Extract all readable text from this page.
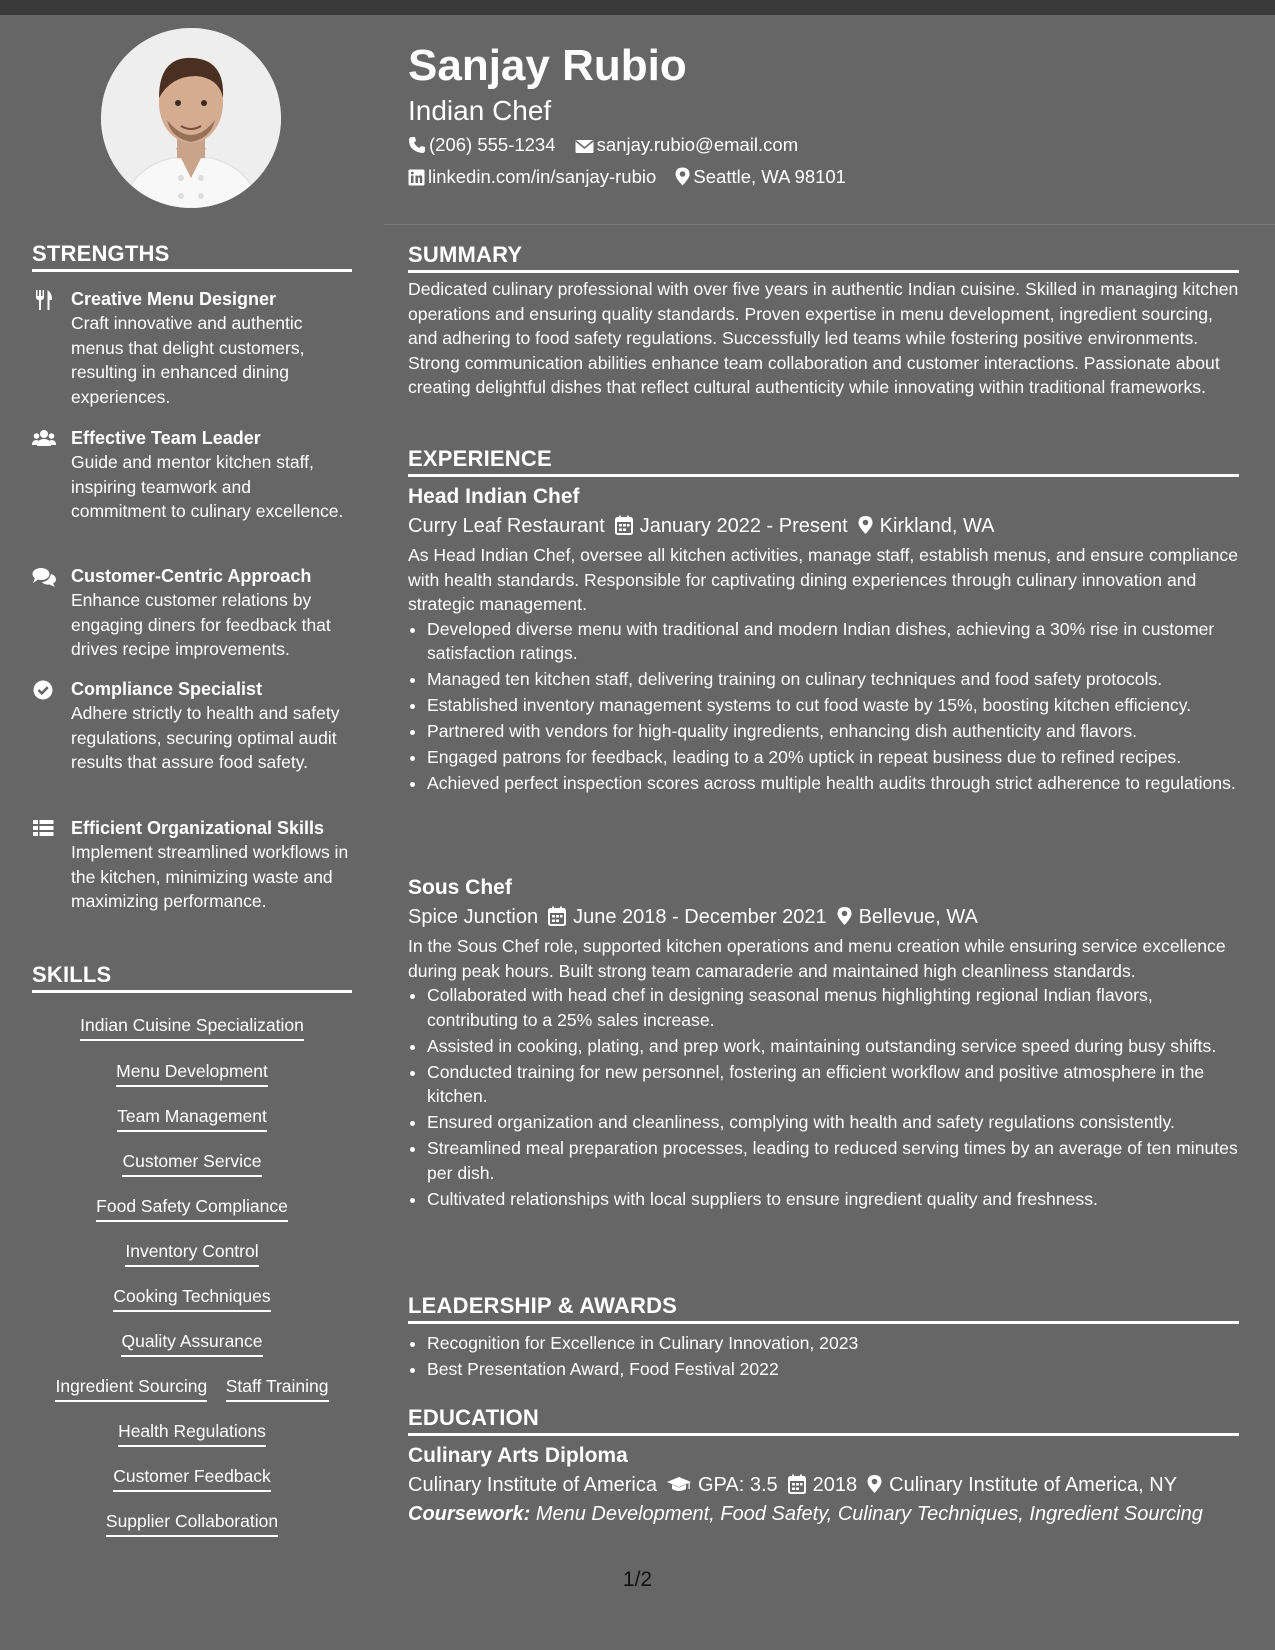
STRENGTHS
Creative Menu Designer
Craft innovative and authentic menus that delight customers, resulting in enhanced dining experiences.
Effective Team Leader
Guide and mentor kitchen staff, inspiring teamwork and commitment to culinary excellence.
Customer-Centric Approach
Enhance customer relations by engaging diners for feedback that drives recipe improvements.
Compliance Specialist
Adhere strictly to health and safety regulations, securing optimal audit results that assure food safety.
Efficient Organizational Skills
Implement streamlined workflows in the kitchen, minimizing waste and maximizing performance.
SKILLS
Indian Cuisine Specialization
Menu Development
Team Management
Customer Service
Food Safety Compliance
Inventory Control
Cooking Techniques
Quality Assurance
Ingredient Sourcing Staff Training
Health Regulations
Customer Feedback
Supplier Collaboration
Sanjay Rubio
Indian Chef
(206) 555-1234 sanjay.rubio@email.com
linkedin.com/in/sanjay-rubio Seattle, WA 98101
SUMMARY
Dedicated culinary professional with over five years in authentic Indian cuisine. Skilled in managing kitchen operations and ensuring quality standards. Proven expertise in menu development, ingredient sourcing, and adhering to food safety regulations. Successfully led teams while fostering positive environments. Strong communication abilities enhance team collaboration and customer interactions. Passionate about creating delightful dishes that reflect cultural authenticity while innovating within traditional frameworks.
EXPERIENCE
Head Indian Chef
Curry Leaf Restaurant January 2022 - Present Kirkland, WA
As Head Indian Chef, oversee all kitchen activities, manage staff, establish menus, and ensure compliance with health standards. Responsible for captivating dining experiences through culinary innovation and strategic management.
• Developed diverse menu with traditional and modern Indian dishes, achieving a 30% rise in customer satisfaction ratings.
• Managed ten kitchen staff, delivering training on culinary techniques and food safety protocols.
• Established inventory management systems to cut food waste by 15%, boosting kitchen efficiency.
• Partnered with vendors for high-quality ingredients, enhancing dish authenticity and flavors.
• Engaged patrons for feedback, leading to a 20% uptick in repeat business due to refined recipes.
• Achieved perfect inspection scores across multiple health audits through strict adherence to regulations.
Sous Chef
Spice Junction June 2018 - December 2021 Bellevue, WA
In the Sous Chef role, supported kitchen operations and menu creation while ensuring service excellence during peak hours. Built strong team camaraderie and maintained high cleanliness standards.
• Collaborated with head chef in designing seasonal menus highlighting regional Indian flavors, contributing to a 25% sales increase.
• Assisted in cooking, plating, and prep work, maintaining outstanding service speed during busy shifts.
• Conducted training for new personnel, fostering an efficient workflow and positive atmosphere in the kitchen.
• Ensured organization and cleanliness, complying with health and safety regulations consistently.
• Streamlined meal preparation processes, leading to reduced serving times by an average of ten minutes per dish.
• Cultivated relationships with local suppliers to ensure ingredient quality and freshness.
LEADERSHIP & AWARDS
• Recognition for Excellence in Culinary Innovation, 2023
• Best Presentation Award, Food Festival 2022
EDUCATION
Culinary Arts Diploma
Culinary Institute of America GPA: 3.5 2018 Culinary Institute of America, NY
Coursework: Menu Development, Food Safety, Culinary Techniques, Ingredient Sourcing
1/2
